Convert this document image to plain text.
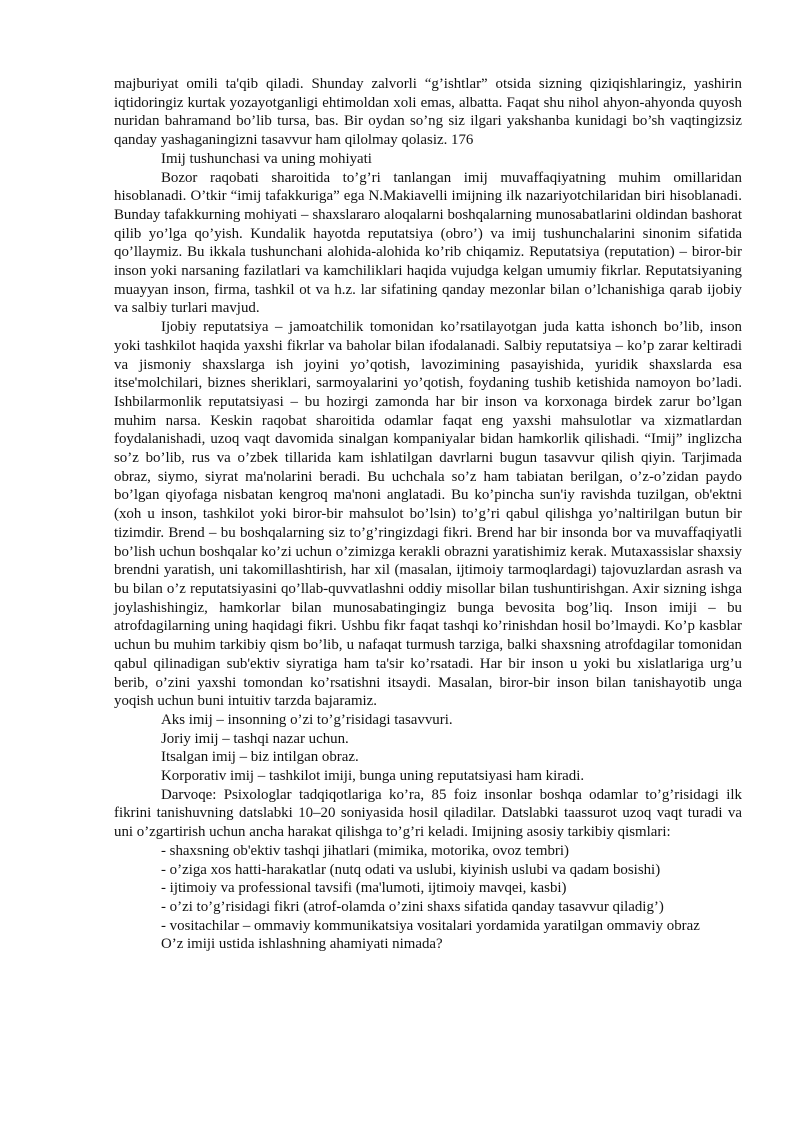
majburiyat omili ta'qib qiladi. Shunday zalvorli “g’ishtlar” otsida sizning qiziqishlaringiz, yashirin iqtidoringiz kurtak yozayotganligi ehtimoldan xoli emas, albatta. Faqat shu nihol ahyon-ahyonda quyosh nuridan bahramand bo’lib tursa, bas. Bir oydan so’ng siz ilgari yakshanba kunidagi bo’sh vaqtingizsiz qanday yashaganingizni tasavvur ham qilolmay qolasiz. 176

Imij tushunchasi va uning mohiyati

Bozor raqobati sharoitida to’g’ri tanlangan imij muvaffaqiyatning muhim omillaridan hisoblanadi. O’tkir “imij tafakkuriga” ega N.Makiavelli imijning ilk nazariyotchilaridan biri hisoblanadi. Bunday tafakkurning mohiyati – shaxslararo aloqalarni boshqalarning munosabatlarini oldindan bashorat qilib yo’lga qo’yish. Kundalik hayotda reputatsiya (obro’) va imij tushunchalarini sinonim sifatida qo’llaymiz. Bu ikkala tushunchani alohida-alohida ko’rib chiqamiz. Reputatsiya (reputation) – biror-bir inson yoki narsaning fazilatlari va kamchiliklari haqida vujudga kelgan umumiy fikrlar. Reputatsiyaning muayyan inson, firma, tashkil ot va h.z. lar sifatining qanday mezonlar bilan o’lchanishiga qarab ijobiy va salbiy turlari mavjud.

Ijobiy reputatsiya – jamoatchilik tomonidan ko’rsatilayotgan juda katta ishonch bo’lib, inson yoki tashkilot haqida yaxshi fikrlar va baholar bilan ifodalanadi. Salbiy reputatsiya – ko’p zarar keltiradi va jismoniy shaxslarga ish joyini yo’qotish, lavozimining pasayishida, yuridik shaxslarda esa itse'molchilari, biznes sheriklari, sarmoyalarini yo’qotish, foydaning tushib ketishida namoyon bo’ladi. Ishbilarmonlik reputatsiyasi – bu hozirgi zamonda har bir inson va korxonaga birdek zarur bo’lgan muhim narsa. Keskin raqobat sharoitida odamlar faqat eng yaxshi mahsulotlar va xizmatlardan foydalanishadi, uzoq vaqt davomida sinalgan kompaniyalar bidan hamkorlik qilishadi. “Imij” inglizcha so’z bo’lib, rus va o’zbek tillarida kam ishlatilgan davrlarni bugun tasavvur qilish qiyin. Tarjimada obraz, siymo, siyrat ma'nolarini beradi. Bu uchchala so’z ham tabiatan berilgan, o’z-o’zidan paydo bo’lgan qiyofaga nisbatan kengroq ma'noni anglatadi. Bu ko’pincha sun'iy ravishda tuzilgan, ob'ektni (xoh u inson, tashkilot yoki biror-bir mahsulot bo’lsin) to’g’ri qabul qilishga yo’naltirilgan butun bir tizimdir. Brend – bu boshqalarning siz to’g’ringizdagi fikri. Brend har bir insonda bor va muvaffaqiyatli bo’lish uchun boshqalar ko’zi uchun o’zimizga kerakli obrazni yaratishimiz kerak. Mutaxassislar shaxsiy brendni yaratish, uni takomillashtirish, har xil (masalan, ijtimoiy tarmoqlardagi) tajovuzlardan asrash va bu bilan o’z reputatsiyasini qo’llab-quvvatlashni oddiy misollar bilan tushuntirishgan. Axir sizning ishga joylashishingiz, hamkorlar bilan munosabatingingiz bunga bevosita bog’liq. Inson imiji – bu atrofdagilarning uning haqidagi fikri. Ushbu fikr faqat tashqi ko’rinishdan hosil bo’lmaydi. Ko’p kasblar uchun bu muhim tarkibiy qism bo’lib, u nafaqat turmush tarziga, balki shaxsning atrofdagilar tomonidan qabul qilinadigan sub'ektiv siyratiga ham ta'sir ko’rsatadi. Har bir inson u yoki bu xislatlariga urg’u berib, o’zini yaxshi tomondan ko’rsatishni itsaydi. Masalan, biror-bir inson bilan tanishayotib unga yoqish uchun buni intuitiv tarzda bajaramiz.

Aks imij – insonning o’zi to’g’risidagi tasavvuri.

Joriy imij – tashqi nazar uchun.

Itsalgan imij – biz intilgan obraz.

Korporativ imij – tashkilot imiji, bunga uning reputatsiyasi ham kiradi.

Darvoqe: Psixologlar tadqiqotlariga ko’ra, 85 foiz insonlar boshqa odamlar to’g’risidagi ilk fikrini tanishuvning datslabki 10–20 soniyasida hosil qiladilar. Datslabki taassurot uzoq vaqt turadi va uni o’zgartirish uchun ancha harakat qilishga to’g’ri keladi. Imijning asosiy tarkibiy qismlari:

- shaxsning ob'ektiv tashqi jihatlari (mimika, motorika, ovoz tembri)

- o’ziga xos hatti-harakatlar (nutq odati va uslubi, kiyinish uslubi va qadam bosishi)

- ijtimoiy va professional tavsifi (ma'lumoti, ijtimoiy mavqei, kasbi)

- o’zi to’g’risidagi fikri (atrof-olamda o’zini shaxs sifatida qanday tasavvur qiladig’)

- vositachilar – ommaviy kommunikatsiya vositalari yordamida yaratilgan ommaviy obraz

O’z imiji ustida ishlashning ahamiyati nimada?
